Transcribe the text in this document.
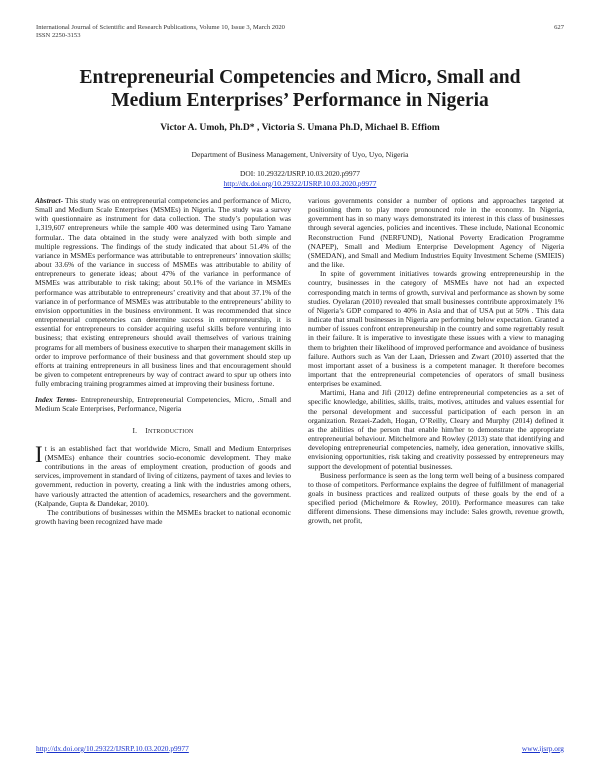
International Journal of Scientific and Research Publications, Volume 10, Issue 3, March 2020
ISSN 2250-3153
627
Entrepreneurial Competencies and Micro, Small and
Medium Enterprises’ Performance in Nigeria
Victor A. Umoh, Ph.D* , Victoria S. Umana Ph.D, Michael B. Effiom
Department of Business Management, University of Uyo, Uyo, Nigeria
DOI: 10.29322/IJSRP.10.03.2020.p9977
http://dx.doi.org/10.29322/IJSRP.10.03.2020.p9977

Abstract- This study was on entrepreneurial competencies and performance of Micro, Small and Medium Scale Enterprises (MSMEs) in Nigeria. The study was a survey with questionnaire as instrument for data collection. The study’s population was 1,319,607 entrepreneurs while the sample 400 was determined using Taro Yamane formular.. The data obtained in the study were analyzed with both simple and multiple regressions. The findings of the study indicated that about 51.4% of the variance in MSMEs performance was attributable to entrepreneurs’ innovation skills; about 33.6% of the variance in success of MSMEs was attributable to ability of entrepreneurs to generate ideas; about 47% of the variance in performance of MSMEs was attributable to risk taking; about 50.1% of the variance in MSMEs performance was attributable to entrepreneurs’ creativity and that about 37.1% of the variance in of performance of MSMEs was attributable to the entrepreneurs’ ability to envision opportunities in the business environment. It was recommended that since entrepreneurial competencies can determine success in entrepreneurship, it is essential for entrepreneurs to consider acquiring useful skills before venturing into business; that existing entrepreneurs should avail themselves of various training programs for all members of business executive to sharpen their management skills in order to improve performance of their business and that government should step up efforts at training entrepreneurs in all business lines and that encouragement should be given to competent entrepreneurs by way of contract award to spur up others into fully embracing training programmes aimed at improving their business fortune.

Index Terms- Entrepreneurship, Entrepreneurial Competencies, Micro, .Small and Medium Scale Enterprises, Performance, Nigeria

I. INTRODUCTION

It is an established fact that worldwide Micro, Small and Medium Enterprises (MSMEs) enhance their countries socio-economic development. They make contributions in the areas of employment creation, production of goods and services, improvement in standard of living of citizens, payment of taxes and levies to government, reduction in poverty, creating a link with the industries among others, have variously attracted the attention of academics, researchers and the government. (Kalpande, Gupta & Dandekar, 2010).

The contributions of businesses within the MSMEs bracket to national economic growth having been recognized have made

various governments consider a number of options and approaches targeted at positioning them to play more pronounced role in the economy. In Nigeria, government has in so many ways demonstrated its interest in this class of businesses through several agencies, policies and incentives. These include, National Economic Reconstruction Fund (NERFUND), National Poverty Eradication Programme (NAPEP), Small and Medium Enterprise Development Agency of Nigeria (SMEDAN), and Small and Medium Industries Equity Investment Scheme (SMIEIS) and the like.

In spite of government initiatives towards growing entrepreneurship in the country, businesses in the category of MSMEs have not had an expected corresponding match in terms of growth, survival and performance as shown by some studies. Oyelaran (2010) revealed that small businesses contribute approximately 1% of Nigeria’s GDP compared to 40% in Asia and that of USA put at 50% . This data indicate that small businesses in Nigeria are performing below expectation. Granted a number of issues confront entrepreneurship in the country and some regrettably result in their failure. It is imperative to investigate these issues with a view to managing them to brighten their likelihood of improved performance and avoidance of business failure. Authors such as Van der Laan, Driessen and Zwart (2010) asserted that the most important asset of a business is a competent manager. It therefore becomes important that the entrepreneurial competencies of operators of small business enterprises be examined.

Martimi, Hana and Jifi (2012) define entrepreneurial competencies as a set of specific knowledge, abilities, skills, traits, motives, attitudes and values essential for the personal development and successful participation of each person in an organization. Rezaei-Zadeh, Hogan, O’Reilly, Cleary and Murphy (2014) defined it as the abilities of the person that enable him/her to demonstrate the appropriate entrepreneurial behaviour. Mitchelmore and Rowley (2013) state that identifying and developing entrepreneurial competencies, namely, idea generation, innovative skills, envisioning opportunities, risk taking and creativity possessed by entrepreneurs may support the development of potential businesses.

Business performance is seen as the long term well being of a business compared to those of competitors. Performance explains the degree of fulfillment of managerial goals in business practices and realized outputs of these goals by the end of a specified period (Michelmore & Rowley, 2010). Performance measures can take different dimensions. These dimensions may include: Sales growth, revenue growth, growth, net profit,

http://dx.doi.org/10.29322/IJSRP.10.03.2020.p9977	www.ijsrp.org
